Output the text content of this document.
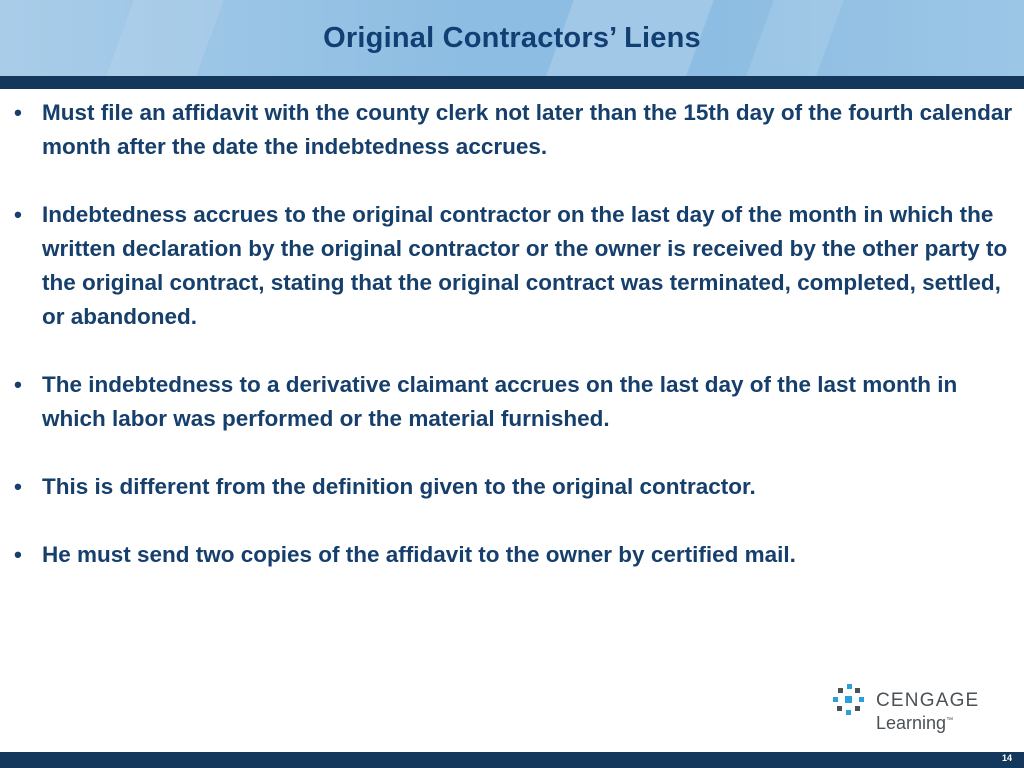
Original Contractors’ Liens
• Must file an affidavit with the county clerk not later than the 15th day of the fourth calendar month after the date the indebtedness accrues.
• Indebtedness accrues to the original contractor on the last day of the month in which the written declaration by the original contractor or the owner is received by the other party to the original contract, stating that the original contract was terminated, completed, settled, or abandoned.
• The indebtedness to a derivative claimant accrues on the last day of the last month in which labor was performed or the material furnished.
• This is different from the definition given to the original contractor.
• He must send two copies of the affidavit to the owner by certified mail.
CENGAGE
Learning™
14
